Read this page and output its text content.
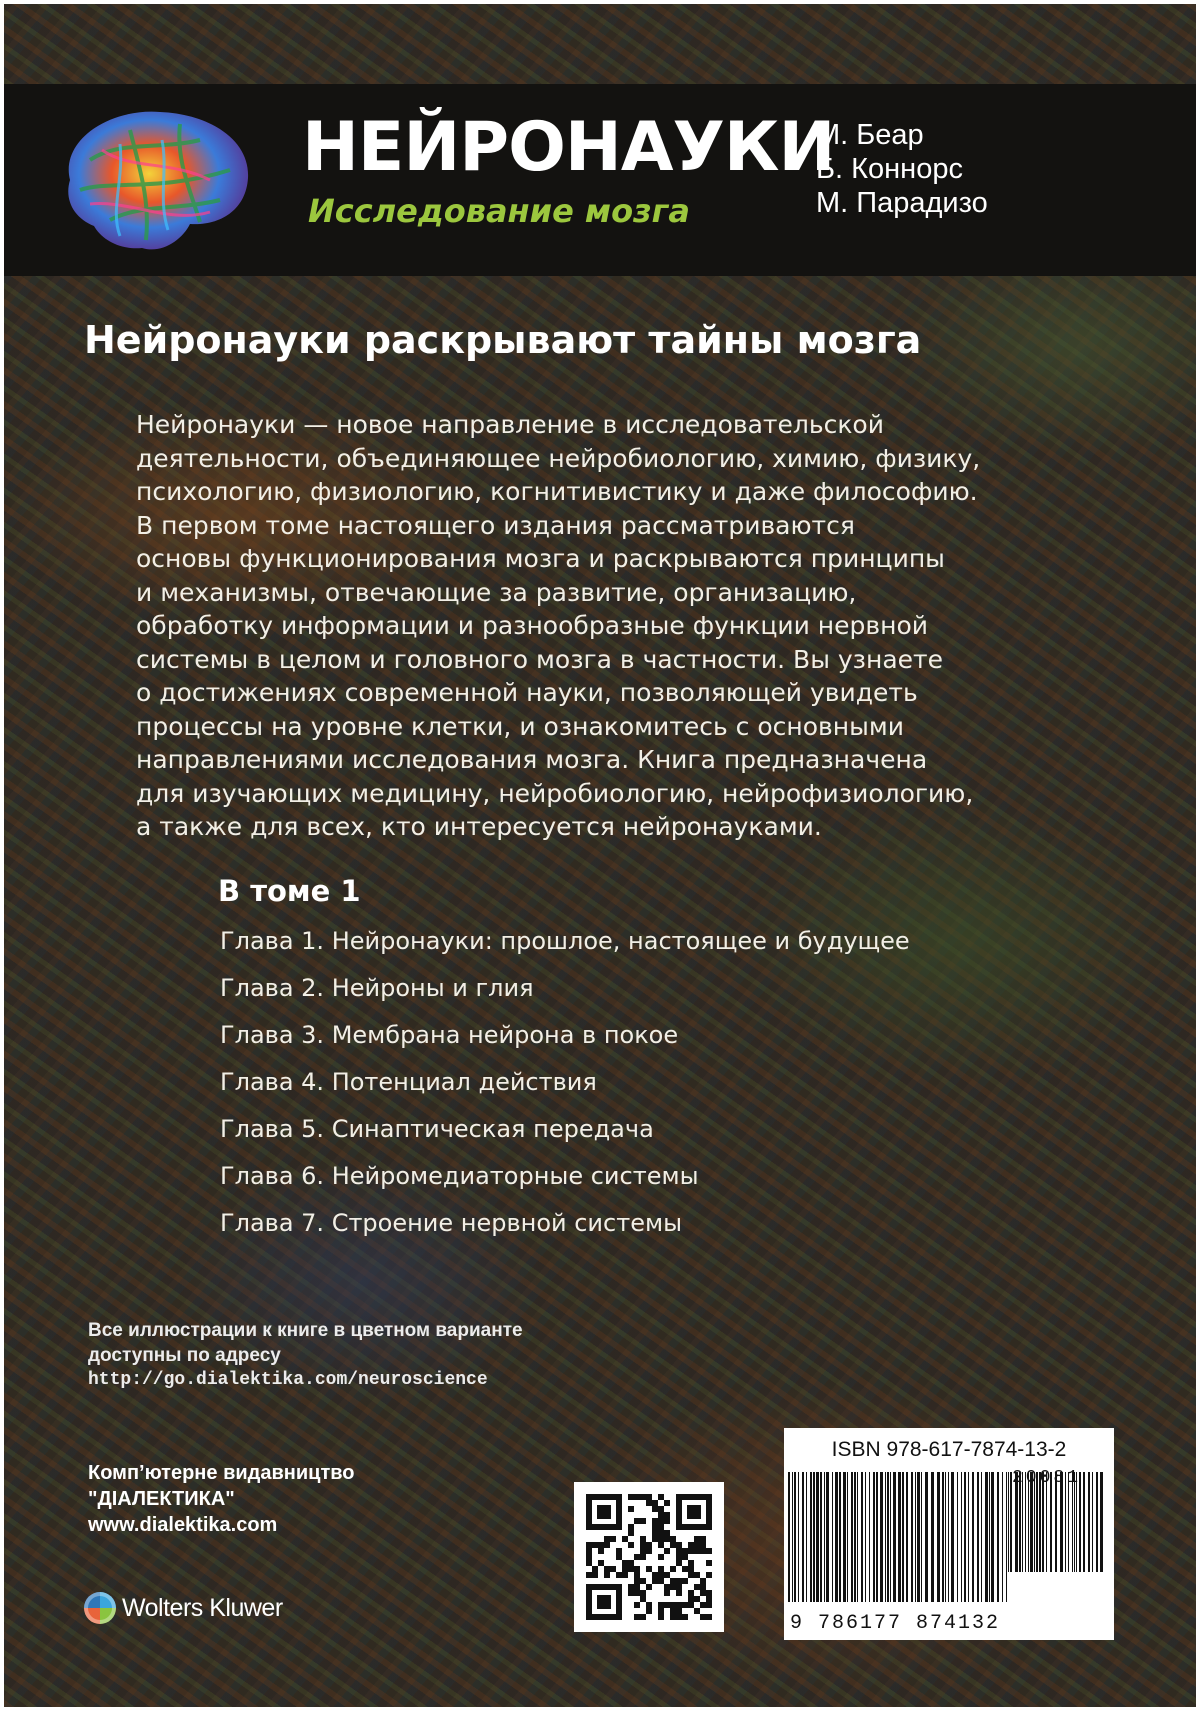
НЕЙРОНАУКИ
Исследование мозга
М. Беар
Б. Коннорс
М. Парадизо
Нейронауки раскрывают тайны мозга

Нейронауки — новое направление в исследовательской
деятельности, объединяющее нейробиологию, химию, физику,
психологию, физиологию, когнитивистику и даже философию.
В первом томе настоящего издания рассматриваются
основы функционирования мозга и раскрываются принципы
и механизмы, отвечающие за развитие, организацию,
обработку информации и разнообразные функции нервной
системы в целом и головного мозга в частности. Вы узнаете
о достижениях современной науки, позволяющей увидеть
процессы на уровне клетки, и ознакомитесь с основными
направлениями исследования мозга. Книга предназначена
для изучающих медицину, нейробиологию, нейрофизиологию,
а также для всех, кто интересуется нейронауками.

В томе 1
Глава 1. Нейронауки: прошлое, настоящее и будущее
Глава 2. Нейроны и глия
Глава 3. Мембрана нейрона в покое
Глава 4. Потенциал действия
Глава 5. Синаптическая передача
Глава 6. Нейромедиаторные системы
Глава 7. Строение нервной системы
Все иллюстрации к книге в цветном варианте
доступны по адресу
http://go.dialektika.com/neuroscience
Комп’ютерне видавництво
"ДІАЛЕКТИКА"
www.dialektika.com
Wolters Kluwer
ISBN 978-617-7874-13-2
20081
9 786177 874132
